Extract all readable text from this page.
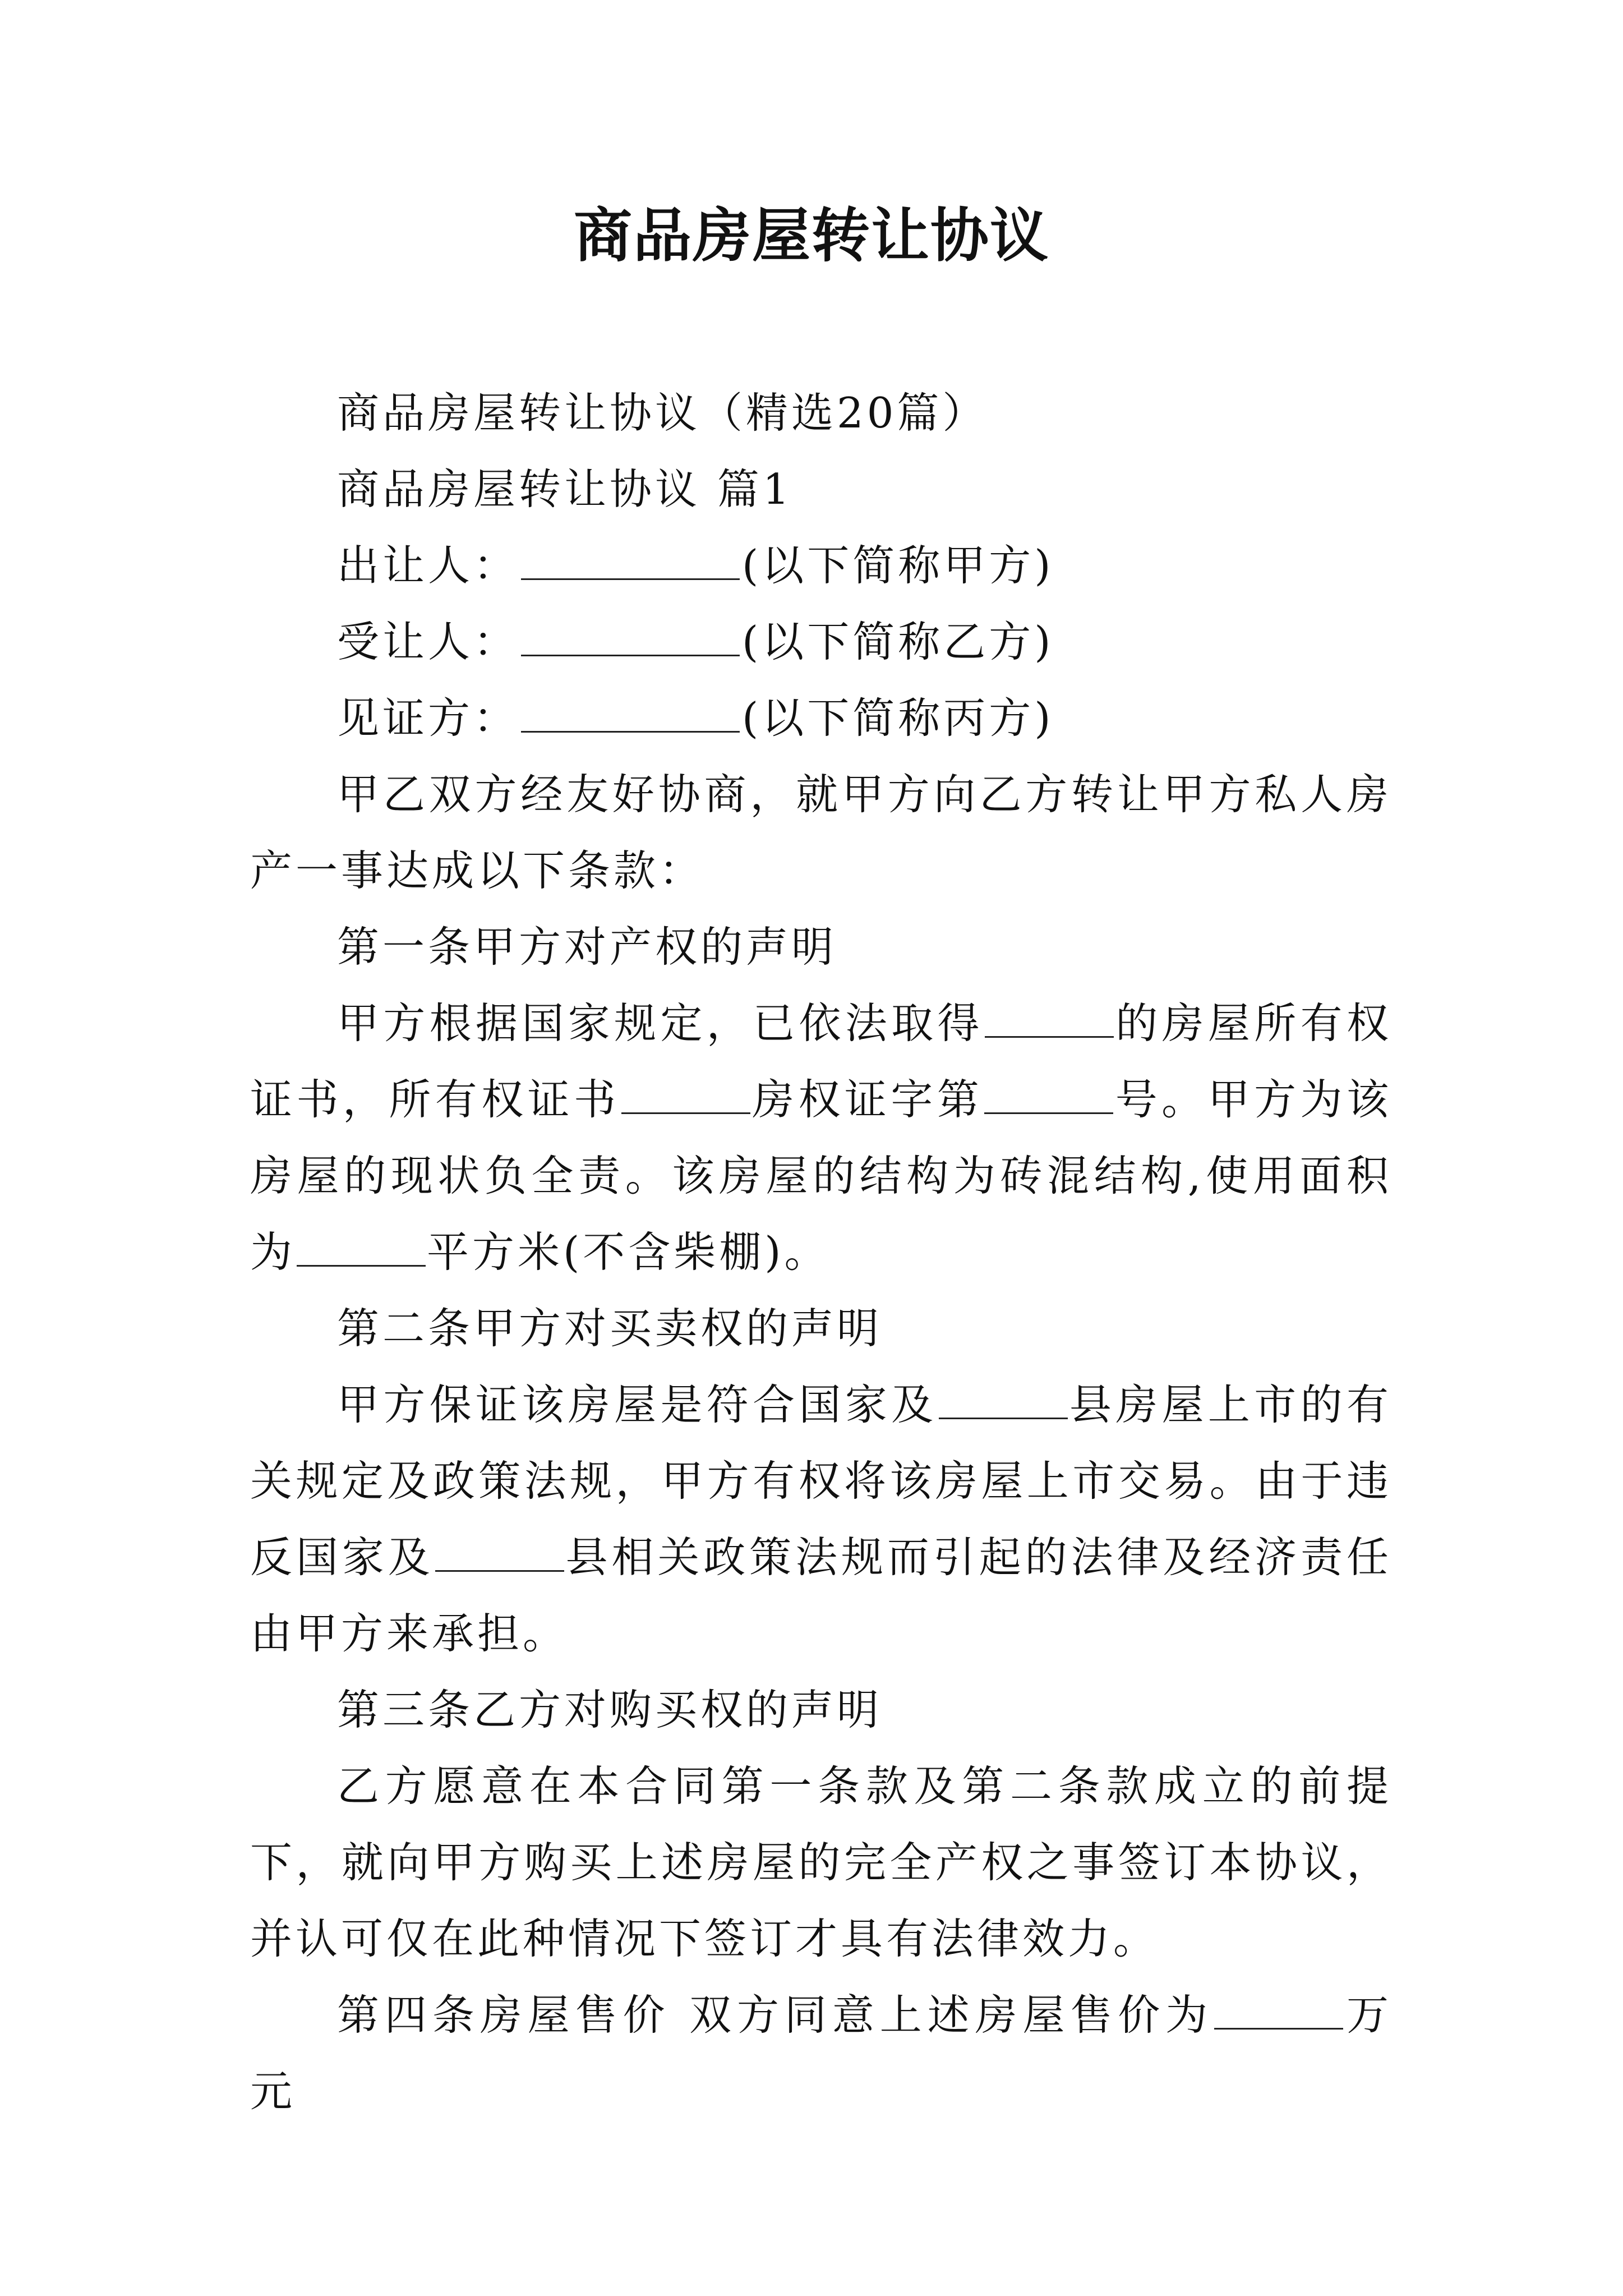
商品房屋转让协议

商品房屋转让协议（精选20篇）

商品房屋转让协议 篇1

出让人：	(以下简称甲方)

受让人：	(以下简称乙方)

见证方：	(以下简称丙方)

甲乙双方经友好协商，就甲方向乙方转让甲方私人房产一事达成以下条款：

第一条甲方对产权的声明

甲方根据国家规定，已依法取得	的房屋所有权证书，所有权证书	房权证字第	号。甲方为该房屋的现状负全责。该房屋的结构为砖混结构,使用面积为	平方米(不含柴棚)。

第二条甲方对买卖权的声明

甲方保证该房屋是符合国家及	县房屋上市的有关规定及政策法规，甲方有权将该房屋上市交易。由于违反国家及	县相关政策法规而引起的法律及经济责任由甲方来承担。

第三条乙方对购买权的声明

乙方愿意在本合同第一条款及第二条款成立的前提下，就向甲方购买上述房屋的完全产权之事签订本协议，并认可仅在此种情况下签订才具有法律效力。

第四条房屋售价 双方同意上述房屋售价为	万元
